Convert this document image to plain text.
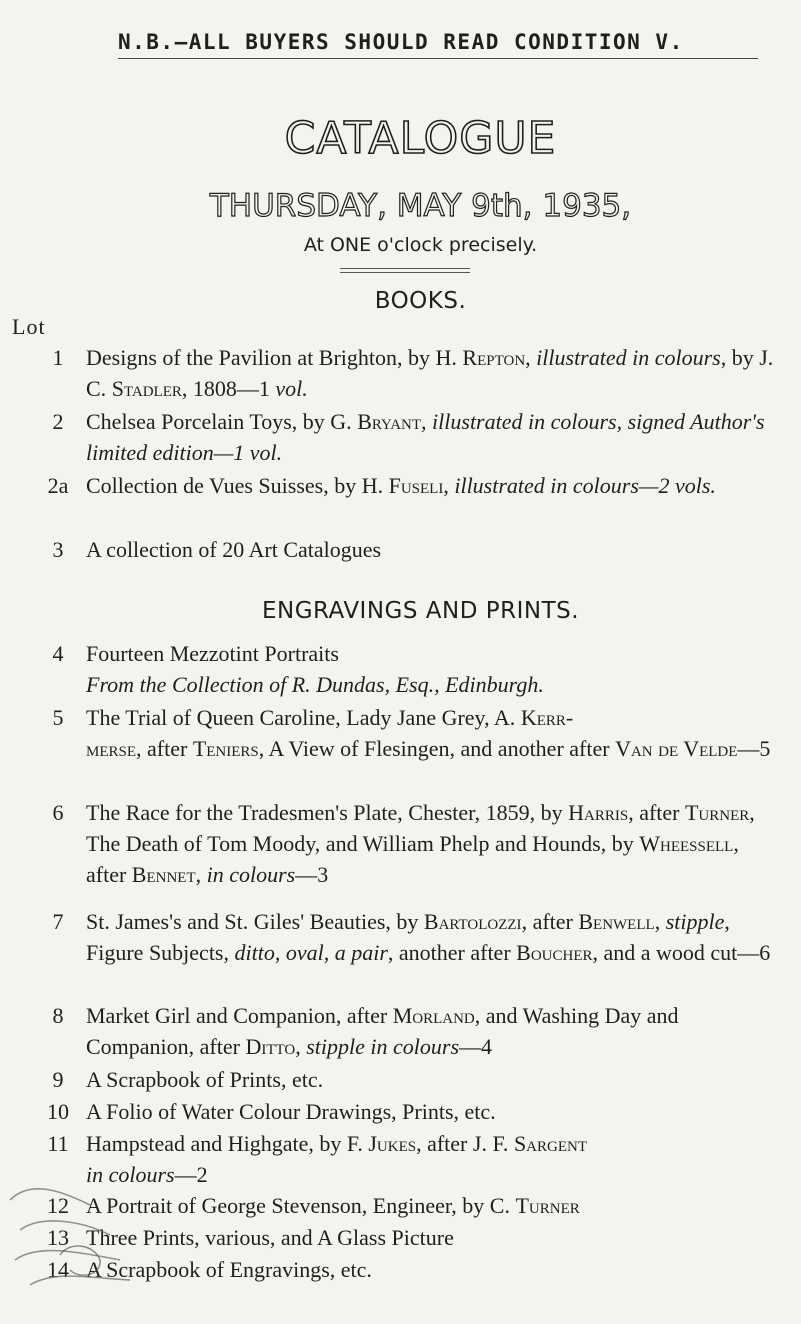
N.B.—ALL BUYERS SHOULD READ CONDITION V.
CATALOGUE
THURSDAY, MAY 9th, 1935,
At ONE o'clock precisely.
BOOKS.
Lot
1	Designs of the Pavilion at Brighton, by H. Repton, illustrated in colours, by J. C. Stadler, 1808—1 vol.
2	Chelsea Porcelain Toys, by G. Bryant, illustrated in colours, signed Author's limited edition—1 vol.
2a Collection de Vues Suisses, by H. Fuseli, illustrated in colours—2 vols.
3	A collection of 20 Art Catalogues
ENGRAVINGS AND PRINTS.
4	Fourteen Mezzotint Portraits
From the Collection of R. Dundas, Esq., Edinburgh.
5	The Trial of Queen Caroline, Lady Jane Grey, A. Kerr-
merse, after Teniers, A View of Flesingen, and another after Van de Velde—5
6	The Race for the Tradesmen's Plate, Chester, 1859, by Harris, after Turner, The Death of Tom Moody, and William Phelp and Hounds, by Wheessell, after Bennet, in colours—3
7	St. James's and St. Giles' Beauties, by Bartolozzi, after Benwell, stipple, Figure Subjects, ditto, oval, a pair, another after Boucher, and a wood cut—6
8	Market Girl and Companion, after Morland, and Washing Day and Companion, after Ditto, stipple in colours—4
9	A Scrapbook of Prints, etc.
10 A Folio of Water Colour Drawings, Prints, etc.
11 Hampstead and Highgate, by F. Jukes, after J. F. Sargent
in colours—2
12 A Portrait of George Stevenson, Engineer, by C. Turner
13 Three Prints, various, and A Glass Picture
14 A Scrapbook of Engravings, etc.
